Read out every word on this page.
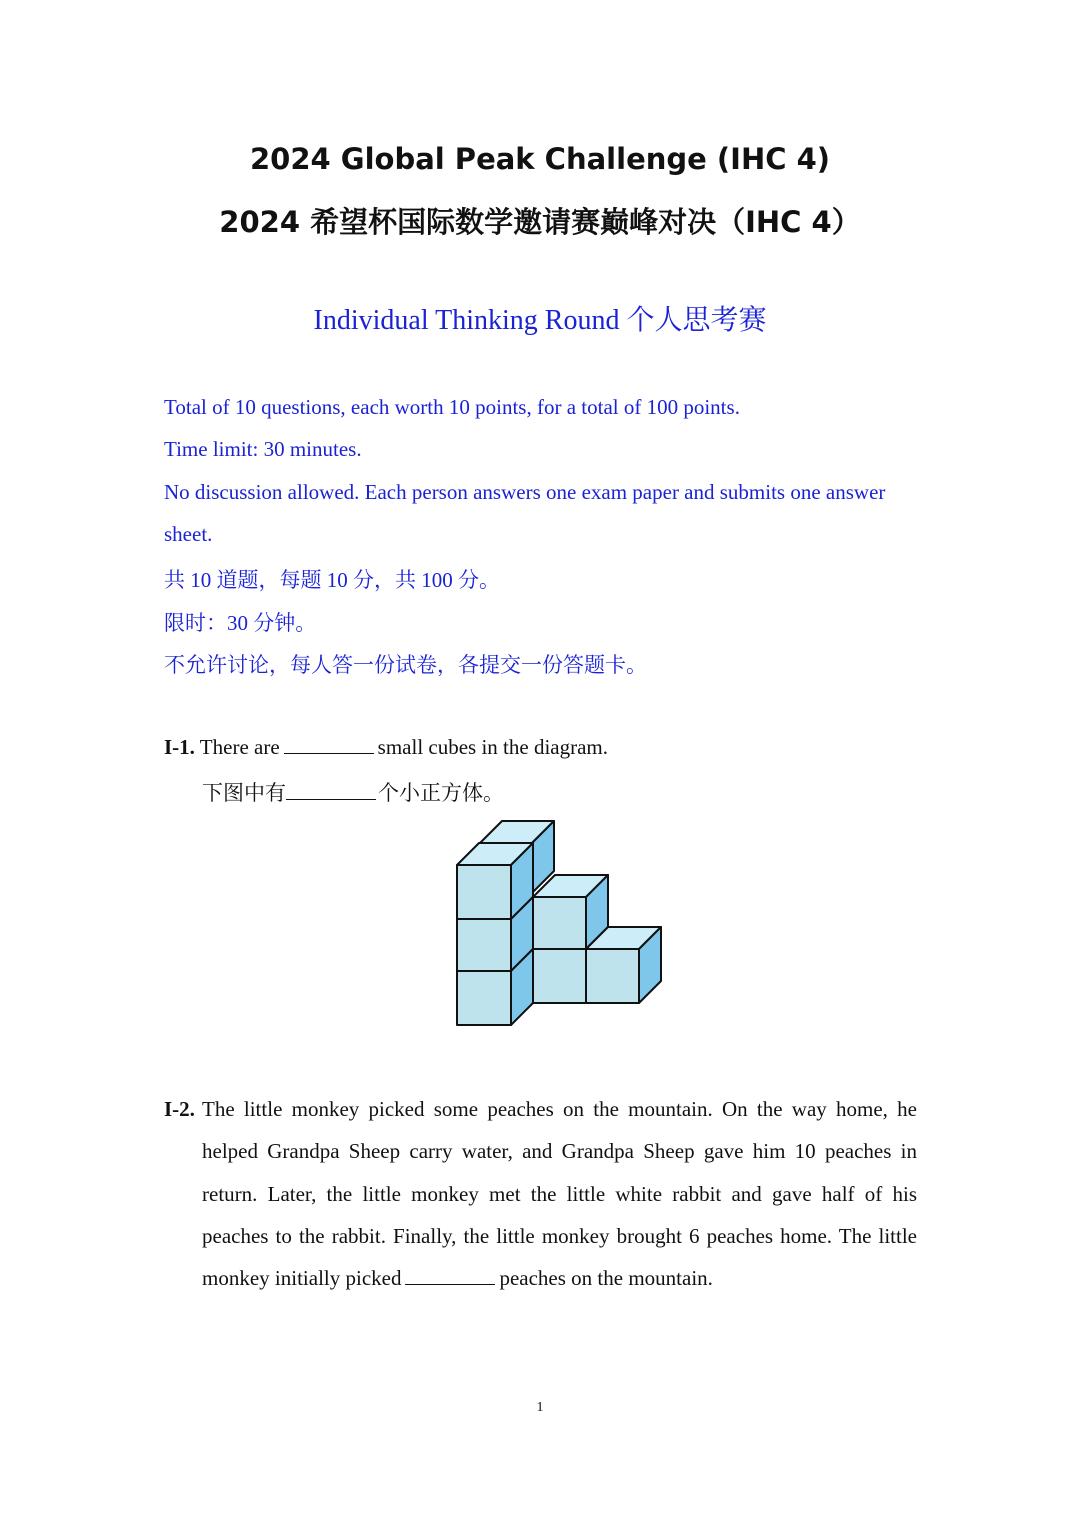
2024 Global Peak Challenge (IHC 4)
2024 希望杯国际数学邀请赛巅峰对决（IHC 4）
Individual Thinking Round 个人思考赛
Total of 10 questions, each worth 10 points, for a total of 100 points.
Time limit: 30 minutes.
No discussion allowed. Each person answers one exam paper and submits one answer
sheet.
共 10 道题，每题 10 分，共 100 分。
限时：30 分钟。
不允许讨论，每人答一份试卷，各提交一份答题卡。
I-1. There are	small cubes in the diagram.
下图中有	个小正方体。
I-2. The little monkey picked some peaches on the mountain. On the way home, he helped Grandpa Sheep carry water, and Grandpa Sheep gave him 10 peaches in return. Later, the little monkey met the little white rabbit and gave half of his peaches to the rabbit. Finally, the little monkey brought 6 peaches home. The little monkey initially picked	peaches on the mountain.
1
